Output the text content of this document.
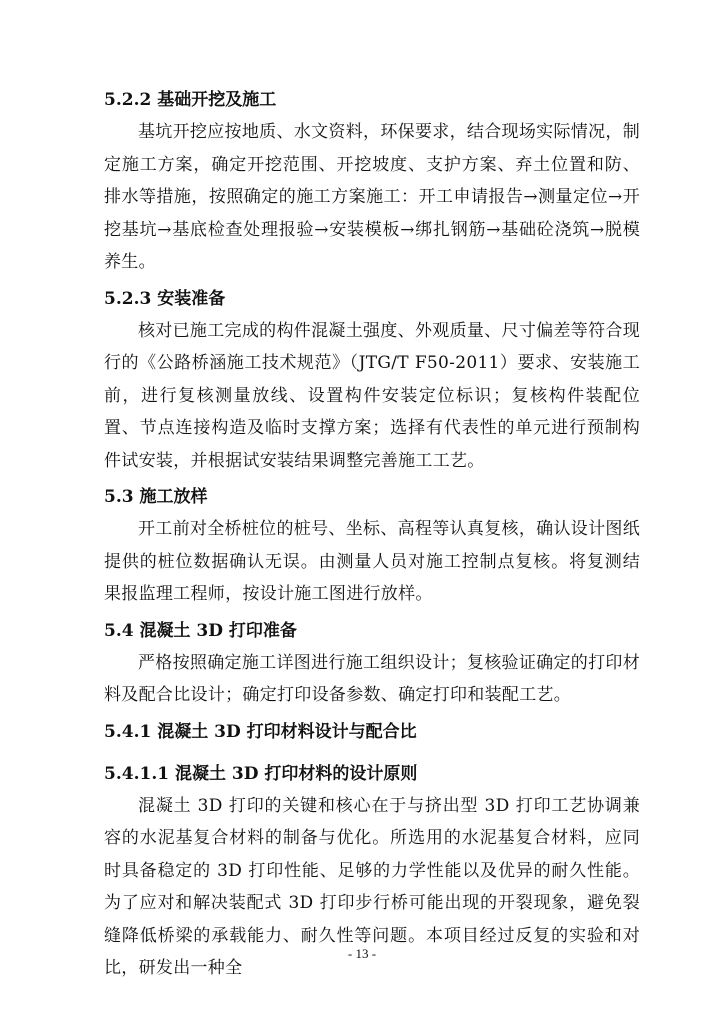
5.2.2 基础开挖及施工

基坑开挖应按地质、水文资料，环保要求，结合现场实际情况，制定施工方案，确定开挖范围、开挖坡度、支护方案、弃土位置和防、排水等措施，按照确定的施工方案施工：开工申请报告→测量定位→开挖基坑→基底检查处理报验→安装模板→绑扎钢筋→基础砼浇筑→脱模养生。

5.2.3 安装准备

核对已施工完成的构件混凝土强度、外观质量、尺寸偏差等符合现行的《公路桥涵施工技术规范》（JTG/T F50-2011）要求、安装施工前，进行复核测量放线、设置构件安装定位标识；复核构件装配位置、节点连接构造及临时支撑方案；选择有代表性的单元进行预制构件试安装，并根据试安装结果调整完善施工工艺。

5.3 施工放样

开工前对全桥桩位的桩号、坐标、高程等认真复核，确认设计图纸提供的桩位数据确认无误。由测量人员对施工控制点复核。将复测结果报监理工程师，按设计施工图进行放样。

5.4 混凝土 3D 打印准备

严格按照确定施工详图进行施工组织设计；复核验证确定的打印材料及配合比设计；确定打印设备参数、确定打印和装配工艺。

5.4.1 混凝土 3D 打印材料设计与配合比
5.4.1.1 混凝土 3D 打印材料的设计原则

混凝土 3D 打印的关键和核心在于与挤出型 3D 打印工艺协调兼容的水泥基复合材料的制备与优化。所选用的水泥基复合材料，应同时具备稳定的 3D 打印性能、足够的力学性能以及优异的耐久性能。为了应对和解决装配式 3D 打印步行桥可能出现的开裂现象，避免裂缝降低桥梁的承载能力、耐久性等问题。本项目经过反复的实验和对比，研发出一种全

- 13 -
